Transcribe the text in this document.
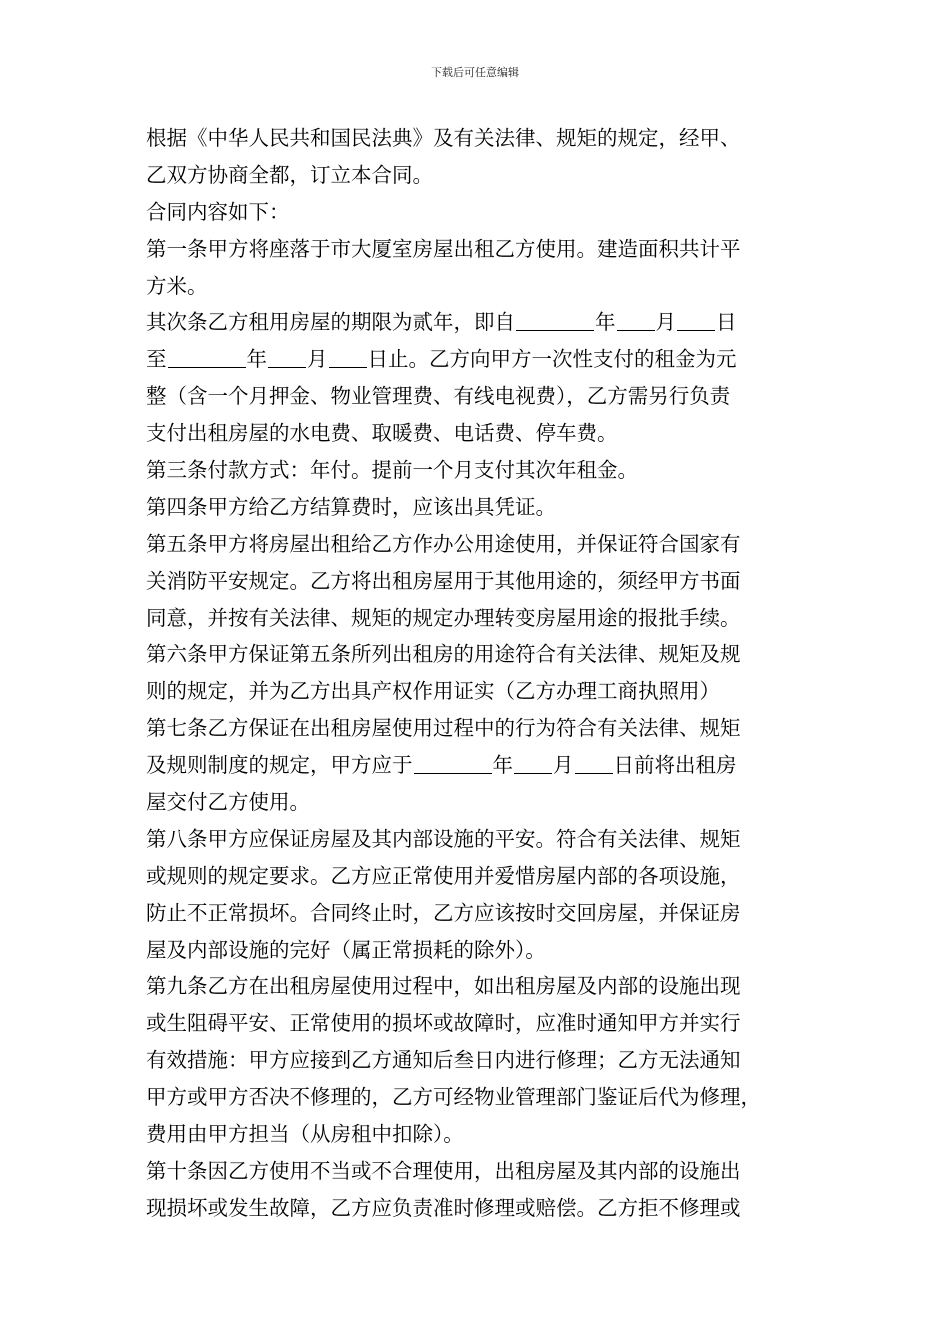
下载后可任意编辑
根据《中华人民共和国民法典》及有关法律、规矩的规定，经甲、
乙双方协商全都，订立本合同。
合同内容如下：
第一条甲方将座落于市大厦室房屋出租乙方使用。建造面积共计平
方米。
其次条乙方租用房屋的期限为贰年，即自	年 月 日
至	年 月 日止。乙方向甲方一次性支付的租金为元
整（含一个月押金、物业管理费、有线电视费），乙方需另行负责
支付出租房屋的水电费、取暖费、电话费、停车费。
第三条付款方式：年付。提前一个月支付其次年租金。
第四条甲方给乙方结算费时，应该出具凭证。
第五条甲方将房屋出租给乙方作办公用途使用，并保证符合国家有
关消防平安规定。乙方将出租房屋用于其他用途的，须经甲方书面
同意，并按有关法律、规矩的规定办理转变房屋用途的报批手续。
第六条甲方保证第五条所列出租房的用途符合有关法律、规矩及规
则的规定，并为乙方出具产权作用证实（乙方办理工商执照用）
第七条乙方保证在出租房屋使用过程中的行为符合有关法律、规矩
及规则制度的规定，甲方应于	年 月 日前将出租房
屋交付乙方使用。
第八条甲方应保证房屋及其内部设施的平安。符合有关法律、规矩
或规则的规定要求。乙方应正常使用并爱惜房屋内部的各项设施，
防止不正常损坏。合同终止时，乙方应该按时交回房屋，并保证房
屋及内部设施的完好（属正常损耗的除外）。
第九条乙方在出租房屋使用过程中，如出租房屋及内部的设施出现
或生阻碍平安、正常使用的损坏或故障时，应准时通知甲方并实行
有效措施：甲方应接到乙方通知后叁日内进行修理；乙方无法通知
甲方或甲方否决不修理的，乙方可经物业管理部门鉴证后代为修理，
费用由甲方担当（从房租中扣除）。
第十条因乙方使用不当或不合理使用，出租房屋及其内部的设施出
现损坏或发生故障，乙方应负责准时修理或赔偿。乙方拒不修理或
